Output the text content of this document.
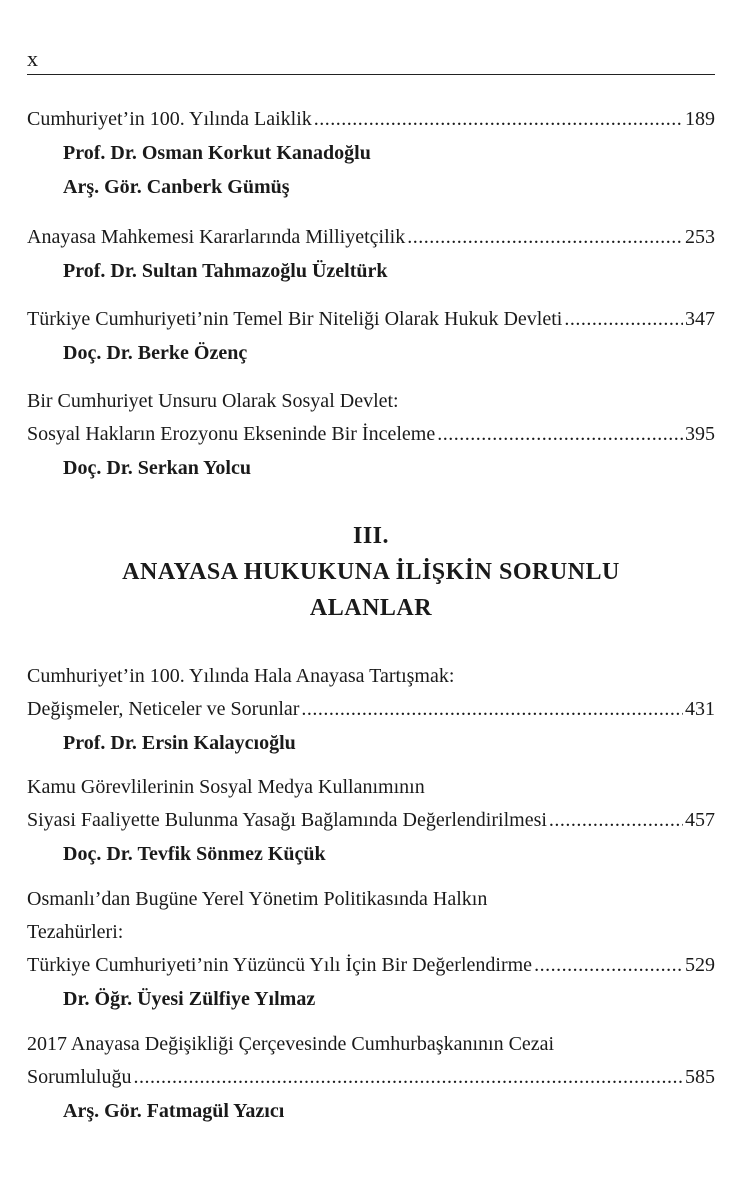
x
Cumhuriyet’in 100. Yılında Laiklik .....	189
Prof. Dr. Osman Korkut Kanadoğlu
Arş. Gör. Canberk Gümüş
Anayasa Mahkemesi Kararlarında Milliyetçilik .....	253
Prof. Dr. Sultan Tahmazoğlu Üzeltürk
Türkiye Cumhuriyeti’nin Temel Bir Niteliği Olarak Hukuk Devleti .....	347
Doç. Dr. Berke Özenç
Bir Cumhuriyet Unsuru Olarak Sosyal Devlet:
Sosyal Hakların Erozyonu Ekseninde Bir İnceleme .....	395
Doç. Dr. Serkan Yolcu
III.
ANAYASA HUKUKUNA İLİŞKİN SORUNLU
ALANLAR
Cumhuriyet’in 100. Yılında Hala Anayasa Tartışmak:
Değişmeler, Neticeler ve Sorunlar .....	431
Prof. Dr. Ersin Kalaycıoğlu
Kamu Görevlilerinin Sosyal Medya Kullanımının
Siyasi Faaliyette Bulunma Yasağı Bağlamında Değerlendirilmesi .....	457
Doç. Dr. Tevfik Sönmez Küçük
Osmanlı’dan Bugüne Yerel Yönetim Politikasında Halkın
Tezahürleri:
Türkiye Cumhuriyeti’nin Yüzüncü Yılı İçin Bir Değerlendirme .....	529
Dr. Öğr. Üyesi Zülfiye Yılmaz
2017 Anayasa Değişikliği Çerçevesinde Cumhurbaşkanının Cezai
Sorumluluğu .....	585
Arş. Gör. Fatmagül Yazıcı
